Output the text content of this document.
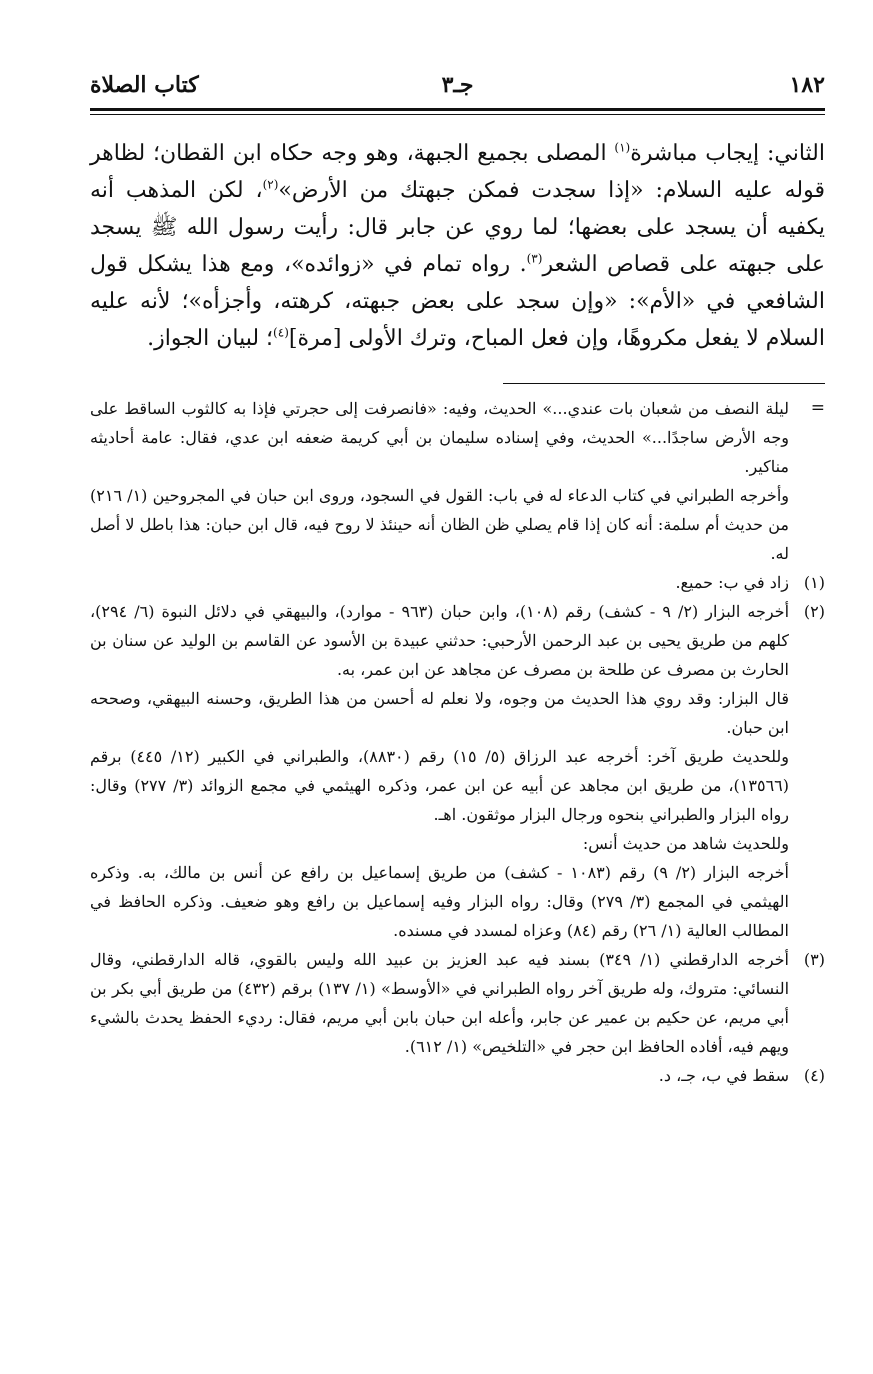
١٨٢
جـ٣
كتاب الصلاة

الثاني: إيجاب مباشرة$^{(١)}$ المصلى بجميع الجبهة، وهو وجه حكاه ابن القطان؛ لظاهر قوله عليه السلام: «إذا سجدت فمكن جبهتك من الأرض»$^{(٢)}$، لكن المذهب أنه يكفيه أن يسجد على بعضها؛ لما روي عن جابر قال: رأيت رسول الله ﷺ يسجد على جبهته على قصاص الشعر$^{(٣)}$. رواه تمام في «زوائده»، ومع هذا يشكل قول الشافعي في «الأم»: «وإن سجد على بعض جبهته، كرهته، وأجزأه»؛ لأنه عليه السلام لا يفعل مكروهًا، وإن فعل المباح، وترك الأولى [مرة]$^{(٤)}$؛ لبيان الجواز.

=

ليلة النصف من شعبان بات عندي...» الحديث، وفيه: «فانصرفت إلى حجرتي فإذا به كالثوب الساقط على وجه الأرض ساجدًا...» الحديث، وفي إسناده سليمان بن أبي كريمة ضعفه ابن عدي، فقال: عامة أحاديثه مناكير.

وأخرجه الطبراني في كتاب الدعاء له في باب: القول في السجود، وروى ابن حبان في المجروحين (١/ ٢١٦) من حديث أم سلمة: أنه كان إذا قام يصلي ظن الظان أنه حينئذ لا روح فيه، قال ابن حبان: هذا باطل لا أصل له.

(١)

زاد في ب: حميع.

(٢)

أخرجه البزار (٢/ ٩ - كشف) رقم (١٠٨)، وابن حبان (٩٦٣ - موارد)، والبيهقي في دلائل النبوة (٦/ ٢٩٤)، كلهم من طريق يحيى بن عبد الرحمن الأرحبي: حدثني عبيدة بن الأسود عن القاسم بن الوليد عن سنان بن الحارث بن مصرف عن طلحة بن مصرف عن مجاهد عن ابن عمر، به.

قال البزار: وقد روي هذا الحديث من وجوه، ولا نعلم له أحسن من هذا الطريق، وحسنه البيهقي، وصححه ابن حبان.

وللحديث طريق آخر: أخرجه عبد الرزاق (٥/ ١٥) رقم (٨٨٣٠)، والطبراني في الكبير (١٢/ ٤٤٥) برقم (١٣٥٦٦)، من طريق ابن مجاهد عن أبيه عن ابن عمر، وذكره الهيثمي في مجمع الزوائد (٣/ ٢٧٧) وقال: رواه البزار والطبراني بنحوه ورجال البزار موثقون. اهـ.

وللحديث شاهد من حديث أنس:

أخرجه البزار (٢/ ٩) رقم (١٠٨٣ - كشف) من طريق إسماعيل بن رافع عن أنس بن مالك، به. وذكره الهيثمي في المجمع (٣/ ٢٧٩) وقال: رواه البزار وفيه إسماعيل بن رافع وهو ضعيف. وذكره الحافظ في المطالب العالية (١/ ٢٦) رقم (٨٤) وعزاه لمسدد في مسنده.

(٣)

أخرجه الدارقطني (١/ ٣٤٩) بسند فيه عبد العزيز بن عبيد الله وليس بالقوي، قاله الدارقطني، وقال النسائي: متروك، وله طريق آخر رواه الطبراني في «الأوسط» (١/ ١٣٧) برقم (٤٣٢) من طريق أبي بكر بن أبي مريم، عن حكيم بن عمير عن جابر، وأعله ابن حبان بابن أبي مريم، فقال: رديء الحفظ يحدث بالشيء ويهم فيه، أفاده الحافظ ابن حجر في «التلخيص» (١/ ٦١٢).

(٤)

سقط في ب، جـ، د.
